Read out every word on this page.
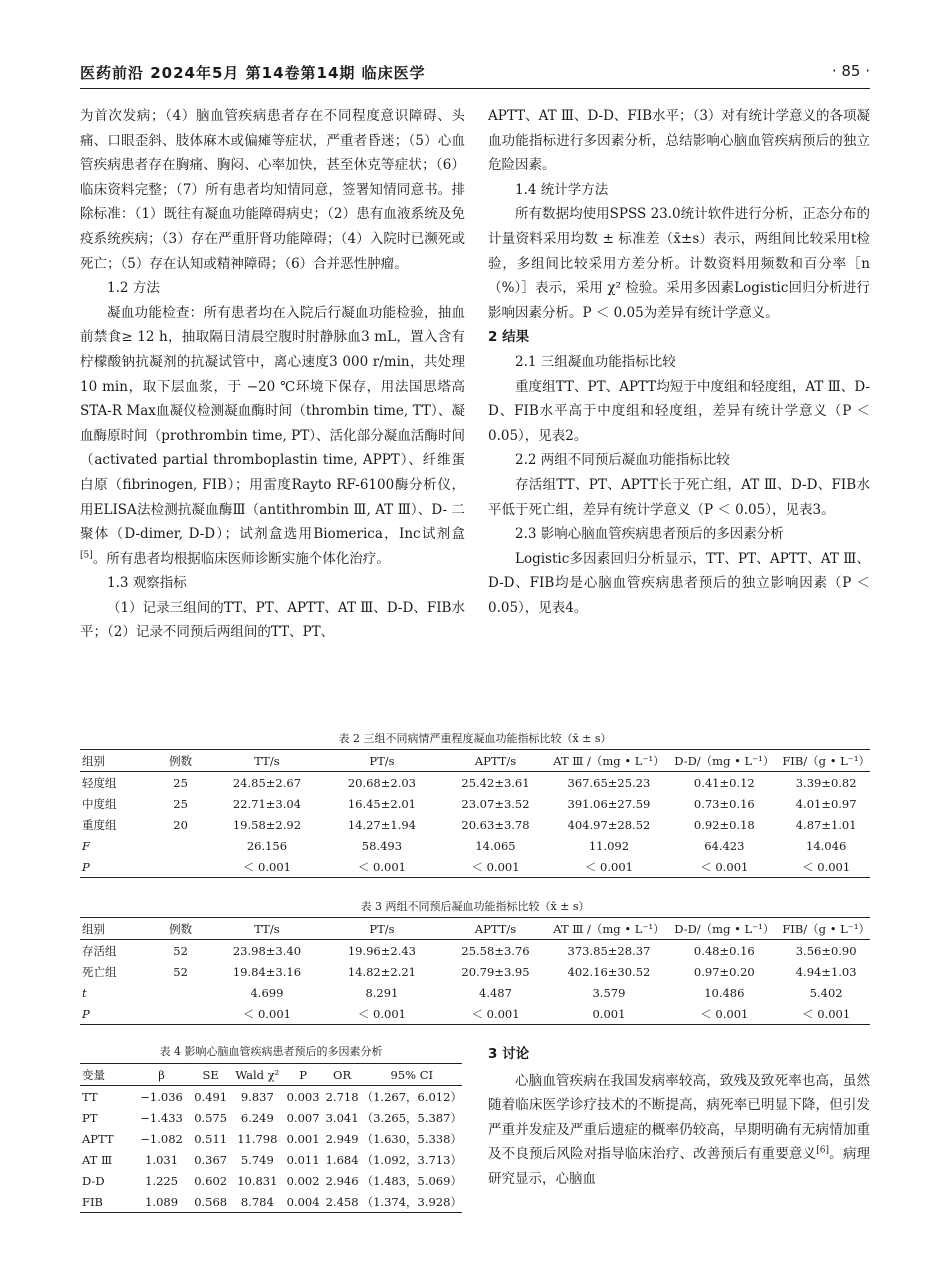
医药前沿 2024年5月 第14卷第14期 临床医学	· 85 ·

为首次发病；（4）脑血管疾病患者存在不同程度意识障碍、头痛、口眼歪斜、肢体麻木或偏瘫等症状，严重者昏迷；（5）心血管疾病患者存在胸痛、胸闷、心率加快，甚至休克等症状；（6）临床资料完整；（7）所有患者均知情同意，签署知情同意书。排除标准：（1）既往有凝血功能障碍病史；（2）患有血液系统及免疫系统疾病；（3）存在严重肝肾功能障碍；（4）入院时已濒死或死亡；（5）存在认知或精神障碍；（6）合并恶性肿瘤。

1.2 方法

凝血功能检查：所有患者均在入院后行凝血功能检验，抽血前禁食≥ 12 h，抽取隔日清晨空腹时肘静脉血3 mL，置入含有柠檬酸钠抗凝剂的抗凝试管中，离心速度3 000 r/min，共处理10 min，取下层血浆，于 −20 ℃环境下保存，用法国思塔高STA-R Max血凝仪检测凝血酶时间（thrombin time, TT）、凝血酶原时间（prothrombin time, PT）、活化部分凝血活酶时间（activated partial thromboplastin time, APPT）、纤维蛋白原（fibrinogen, FIB）；用雷度Rayto RF-6100酶分析仪，用ELISA法检测抗凝血酶Ⅲ（antithrombin Ⅲ, AT Ⅲ）、D- 二聚体（D-dimer, D-D）；试剂盒选用Biomerica，Inc试剂盒[5]。所有患者均根据临床医师诊断实施个体化治疗。

1.3 观察指标

（1）记录三组间的TT、PT、APTT、AT Ⅲ、D-D、FIB水平；（2）记录不同预后两组间的TT、PT、

APTT、AT Ⅲ、D-D、FIB水平；（3）对有统计学意义的各项凝血功能指标进行多因素分析，总结影响心脑血管疾病预后的独立危险因素。

1.4 统计学方法

所有数据均使用SPSS 23.0统计软件进行分析，正态分布的计量资料采用均数 ± 标准差（x̄±s）表示，两组间比较采用t检验，多组间比较采用方差分析。计数资料用频数和百分率［n（%）］表示，采用 χ² 检验。采用多因素Logistic回归分析进行影响因素分析。P ＜ 0.05为差异有统计学意义。

2 结果
2.1 三组凝血功能指标比较

重度组TT、PT、APTT均短于中度组和轻度组，AT Ⅲ、D-D、FIB水平高于中度组和轻度组，差异有统计学意义（P ＜ 0.05），见表2。

2.2 两组不同预后凝血功能指标比较

存活组TT、PT、APTT长于死亡组，AT Ⅲ、D-D、FIB水平低于死亡组，差异有统计学意义（P ＜ 0.05），见表3。

2.3 影响心脑血管疾病患者预后的多因素分析

Logistic多因素回归分析显示，TT、PT、APTT、AT Ⅲ、D-D、FIB均是心脑血管疾病患者预后的独立影响因素（P ＜ 0.05），见表4。

表 2 三组不同病情严重程度凝血功能指标比较（x̄ ± s）
组别	例数	TT/s	PT/s	APTT/s	AT Ⅲ /（mg • L⁻¹）	D-D/（mg • L⁻¹）	FIB/（g • L⁻¹）
轻度组	25	24.85±2.67	20.68±2.03	25.42±3.61	367.65±25.23	0.41±0.12	3.39±0.82
中度组	25	22.71±3.04	16.45±2.01	23.07±3.52	391.06±27.59	0.73±0.16	4.01±0.97
重度组	20	19.58±2.92	14.27±1.94	20.63±3.78	404.97±28.52	0.92±0.18	4.87±1.01
F		26.156	58.493	14.065	11.092	64.423	14.046
P		＜ 0.001	＜ 0.001	＜ 0.001	＜ 0.001	＜ 0.001	＜ 0.001
表 3 两组不同预后凝血功能指标比较（x̄ ± s）
组别	例数	TT/s	PT/s	APTT/s	AT Ⅲ /（mg • L⁻¹）	D-D/（mg • L⁻¹）	FIB/（g • L⁻¹）
存活组	52	23.98±3.40	19.96±2.43	25.58±3.76	373.85±28.37	0.48±0.16	3.56±0.90
死亡组	52	19.84±3.16	14.82±2.21	20.79±3.95	402.16±30.52	0.97±0.20	4.94±1.03
t		4.699	8.291	4.487	3.579	10.486	5.402
P		＜ 0.001	＜ 0.001	＜ 0.001	0.001	＜ 0.001	＜ 0.001
表 4 影响心脑血管疾病患者预后的多因素分析
变量	β	SE	Wald χ²	P	OR	95% CI
TT	−1.036	0.491	9.837	0.003	2.718	（1.267，6.012）
PT	−1.433	0.575	6.249	0.007	3.041	（3.265，5.387）
APTT	−1.082	0.511	11.798	0.001	2.949	（1.630，5.338）
AT Ⅲ	1.031	0.367	5.749	0.011	1.684	（1.092，3.713）
D-D	1.225	0.602	10.831	0.002	2.946	（1.483，5.069）
FIB	1.089	0.568	8.784	0.004	2.458	（1.374，3.928）
3 讨论

心脑血管疾病在我国发病率较高，致残及致死率也高，虽然随着临床医学诊疗技术的不断提高，病死率已明显下降，但引发严重并发症及严重后遗症的概率仍较高，早期明确有无病情加重及不良预后风险对指导临床治疗、改善预后有重要意义[6]。病理研究显示，心脑血
